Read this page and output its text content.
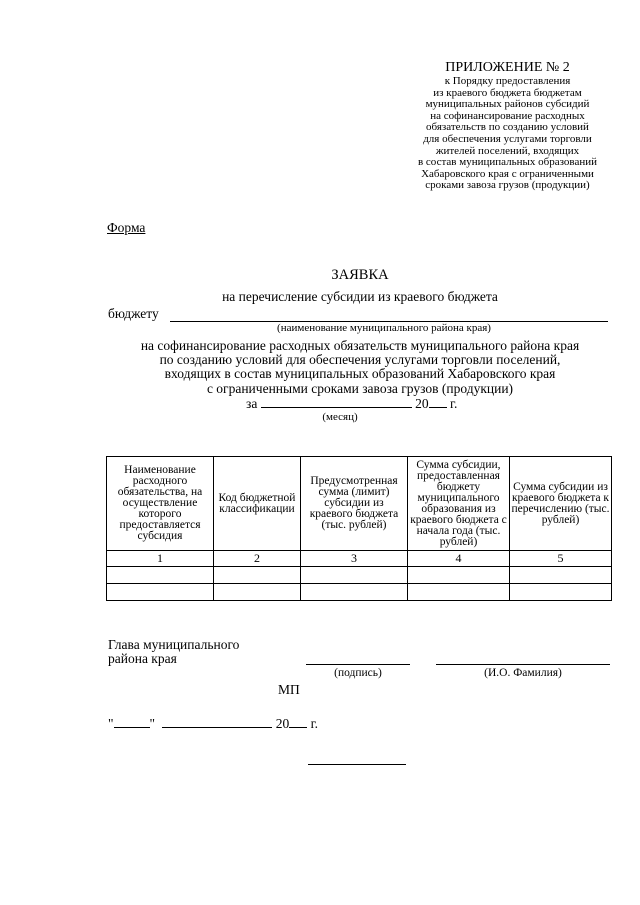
ПРИЛОЖЕНИЕ № 2
к Порядку предоставления
из краевого бюджета бюджетам
муниципальных районов субсидий
на софинансирование расходных
обязательств по созданию условий
для обеспечения услугами торговли
жителей поселений, входящих
в состав муниципальных образований
Хабаровского края с ограниченными
сроками завоза грузов (продукции)
Форма
ЗАЯВКА
на перечисление субсидии из краевого бюджета
бюджету
(наименование муниципального района края)
на софинансирование расходных обязательств муниципального района края
по созданию условий для обеспечения услугами торговли поселений,
входящих в состав муниципальных образований Хабаровского края
с ограниченными сроками завоза грузов (продукции)
за	20 г.
(месяц)
Наименование расходного обязательства, на осуществление которого предоставляется субсидия	Код бюджетной классификации	Предусмотренная сумма (лимит) субсидии из краевого бюджета (тыс. рублей)	Сумма субсидии, предоставленная бюджету муниципального образования из краевого бюджета с начала года (тыс. рублей)	Сумма субсидии из краевого бюджета к перечислению (тыс. рублей)
1	2	3	4	5

Глава муниципального
района края
(подпись)	(И.О. Фамилия)
МП
"	"	20 г.
